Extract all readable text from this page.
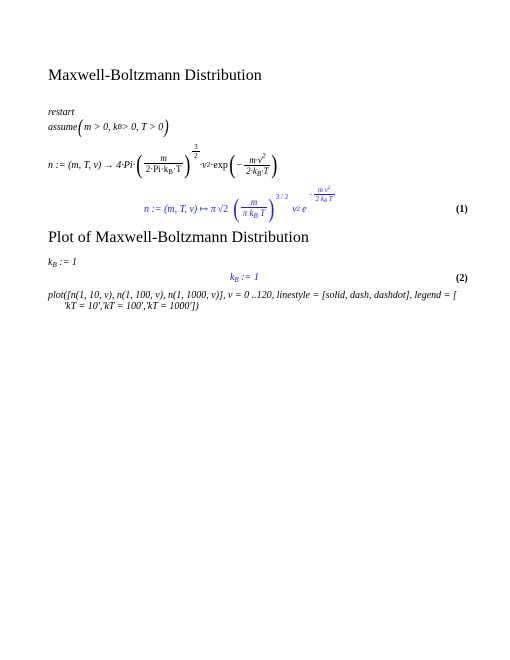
Maxwell-Boltzmann Distribution
restart
assume ( m > 0, k B > 0, T > 0 )
n := (m, T, v) → 4·Pi· ( $\frac{m}{2\cdot Pi\cdot k_B\cdot T}$ ) $\frac{3}{2}$
·v 2 ·exp ( − $\frac{m\cdot v^2}{2\cdot k_B\cdot T}$ )
n := (m, T, v) ↦ π √2 ( $\frac{m}{\pi k_B T}$ ) 3 / 2
v 2 e
− $\frac{m v^2}{\text{2 kB T}}$
(1)
Plot of Maxwell-Boltzmann Distribution
$k_B$ := 1
$k_B$ := 1	(2)
plot([n(1, 10, v), n(1, 100, v), n(1, 1000, v)], v = 0 ..120, linestyle = [solid, dash, dashdot], legend = [
'kT = 10','kT = 100','kT = 1000'])
